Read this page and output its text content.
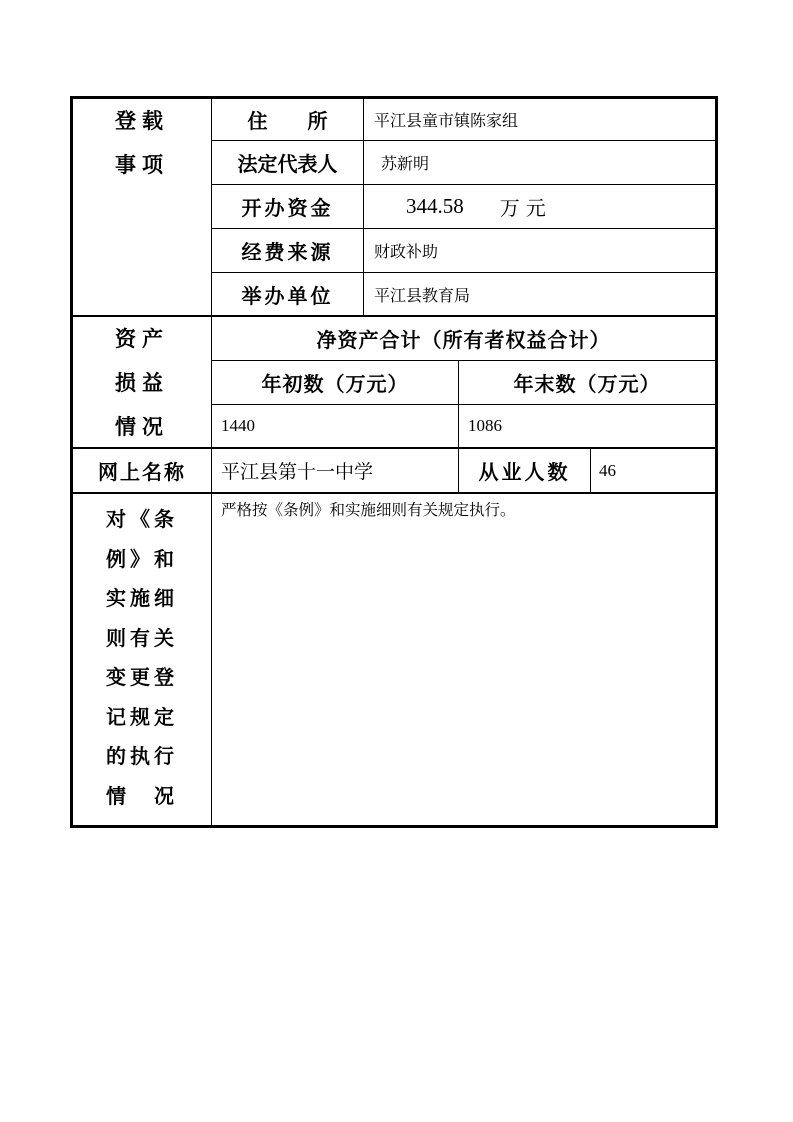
登载
事项
住　　所	平江县童市镇陈家组
法定代表人	苏新明
开办资金	344.58 万元
经费来源	财政补助
举办单位	平江县教育局
资产
损益
情况
净资产合计（所有者权益合计）
年初数（万元）	年末数（万元）
1440	1086
网上名称	平江县第十一中学	从业人数	46
对《条
例》和
实施细
则有关
变更登
记规定
的执行
情　况
严格按《条例》和实施细则有关规定执行。
